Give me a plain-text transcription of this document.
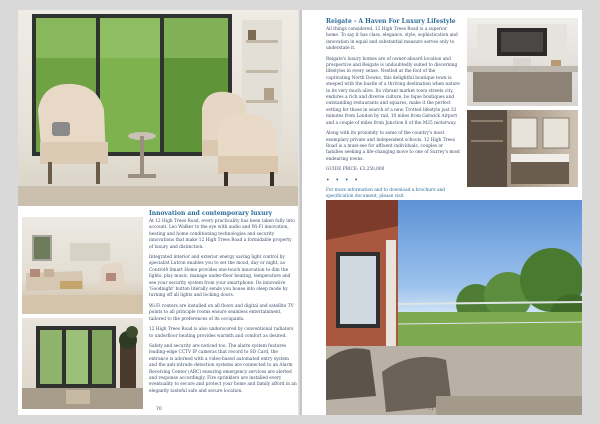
Innovation and contemporary luxury

At 12 High Trees Road, every practicality has been taken fully into account. Leo Walker to the eye with audio and Wi-Fi innovation, heating and home conditioning technologies and security innovations that make 12 High Trees Road a formidable property of luxury and distinction.

Integrated interior and exterior energy saving light control by specialist Lutron enables you to set the mood, day or night, as Control4 Smart Home provides one-touch innovation to dim the lights, play music, manage under-floor heating, temperature and see your security system from your smartphone. Its innovative 'Goodnight' button literally sends you house into sleep mode by turning off all lights and locking doors.

Wi-Fi routers are installed on all floors and digital and satellite TV points to all principle rooms ensure seamless entertainment, tailored to the preferences of its occupants.

12 High Trees Road is also underscored by conventional radiators to underfloor heating provides warmth and comfort as desired.

Safety and security are noticed too. The alarm system features leading-edge CCTV IP cameras that record to SD Card, the entrance is adorned with a video-based automated entry system and the anti-intrude detection systems are connected to an Alarm Receiving Center (ARC) ensuring emergency services are alerted and response accordingly. Fire sprinklers are installed every eventuality to secure and protect your home and family afford in an elegantly tasteful safe and secure location.

70
Reigate - A Haven For Luxury Lifestyle

All things considered, 12 High Trees Road is a superior home. To say it has class, elegance, style, sophistication and innovation in equal and substantial measure serves only to understate it.

Reigate's luxury homes are of owner-aboard location and prospective and Reigate is undoubtedly suited to discerning lifestyles in every sense. Nestled at the foot of the captivating North Downs, this delightful boutique town is steeped with the bustle of a thriving destination when nature in its very much alive. Its vibrant market town streets city, endures a rich and diverse culture, bo tique boutiques and outstanding restaurants and squares, make it the perfect setting for those in search of a new. Trotted lifestyle just 32 minutes from London by rail, 10 miles from Gatwick Airport and a couple of miles from Junction 8 of the M25 motorway.

Along with its proximity to some of the country's most exemplary private and independent schools, 12 High Trees Road is a must-see for affluent individuals, couples or families seeking a life-changing move to one of Surrey's most endearing towns.

GUIDE PRICE: £3,250,000

• • • •

For more information and to download a brochure and specification document, please visit

71
